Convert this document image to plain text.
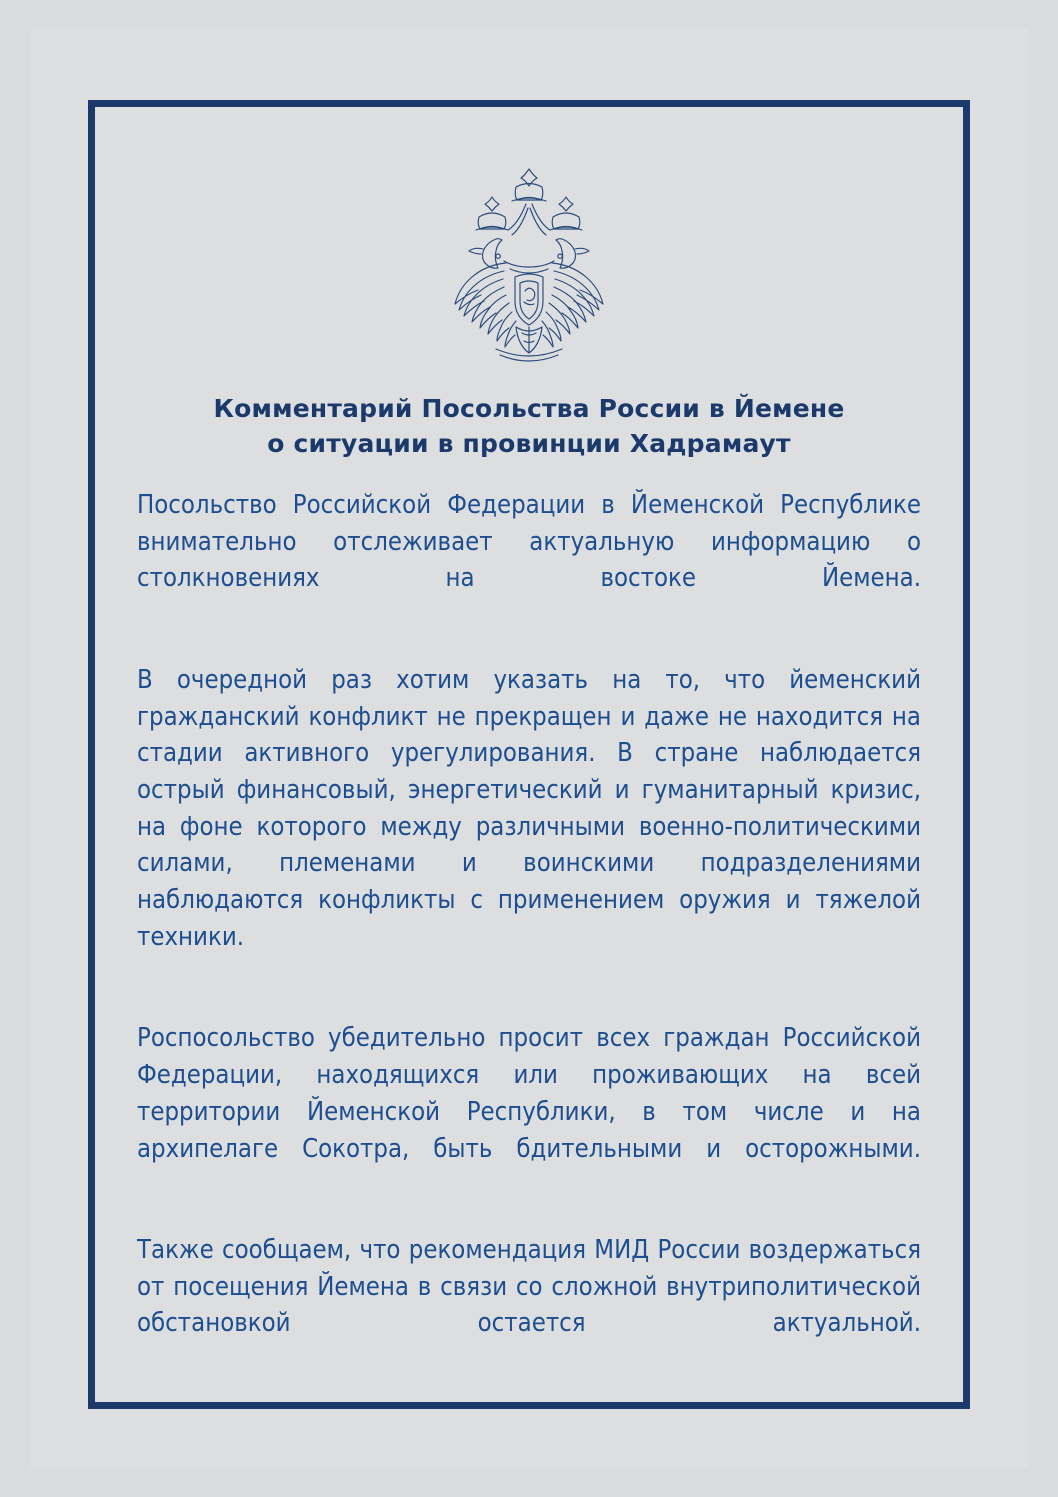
Комментарий Посольства России в Йемене
о ситуации в провинции Хадрамаут

Посольство Российской Федерации в Йеменской Республике внимательно отслеживает актуальную информацию о столкновениях на востоке Йемена.

В очередной раз хотим указать на то, что йеменский гражданский конфликт не прекращен и даже не находится на стадии активного урегулирования. В стране наблюдается острый финансовый, энергетический и гуманитарный кризис, на фоне которого между различными военно-политическими силами, племенами и воинскими подразделениями наблюдаются конфликты с применением оружия и тяжелой техники.

Роспосольство убедительно просит всех граждан Российской Федерации, находящихся или проживающих на всей территории Йеменской Республики, в том числе и на архипелаге Сокотра, быть бдительными и осторожными.

Также сообщаем, что рекомендация МИД России воздержаться от посещения Йемена в связи со сложной внутриполитической обстановкой остается актуальной.
